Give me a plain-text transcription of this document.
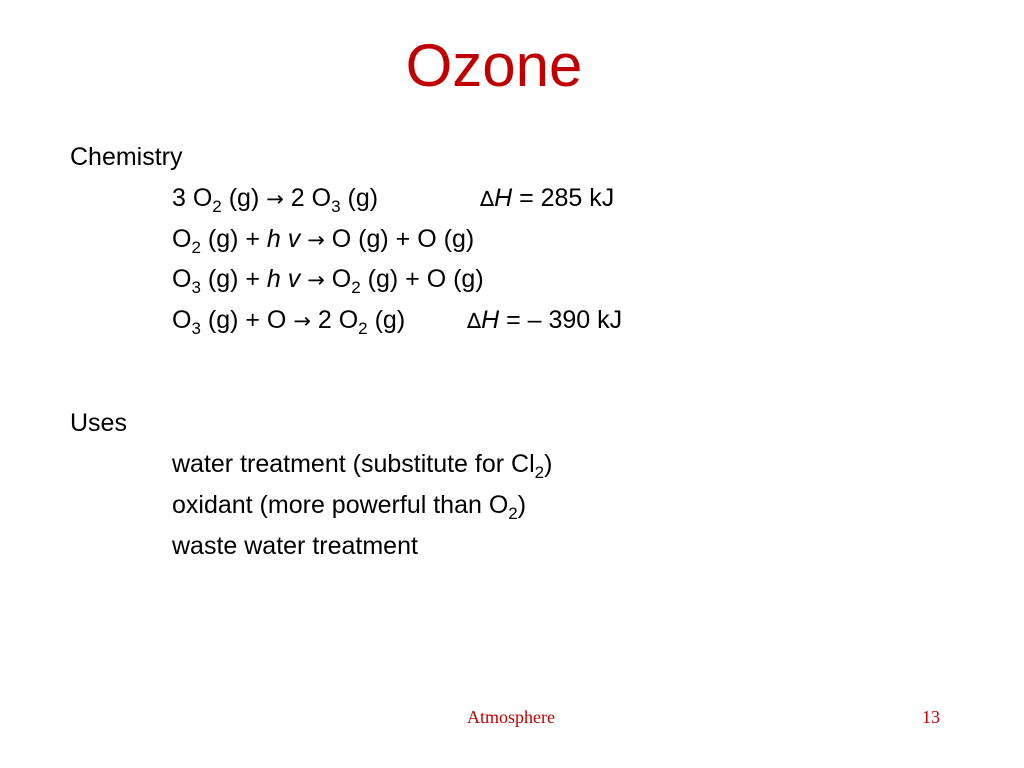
Ozone
Chemistry
3 $O_2$ (g) → 2 $O_3$ (g)	∆H = 285 kJ
$O_2$ (g) + h v → O (g) + O (g)
$O_3$ (g) + h $v \to O_2$ (g) + O (g)
$O_3$ (g) + O → 2 $O_2$ (g)	∆H = – 390 kJ
Uses
water treatment (substitute for $Cl_2$)
oxidant (more powerful than $O_2$)
waste water treatment
Atmosphere	13
